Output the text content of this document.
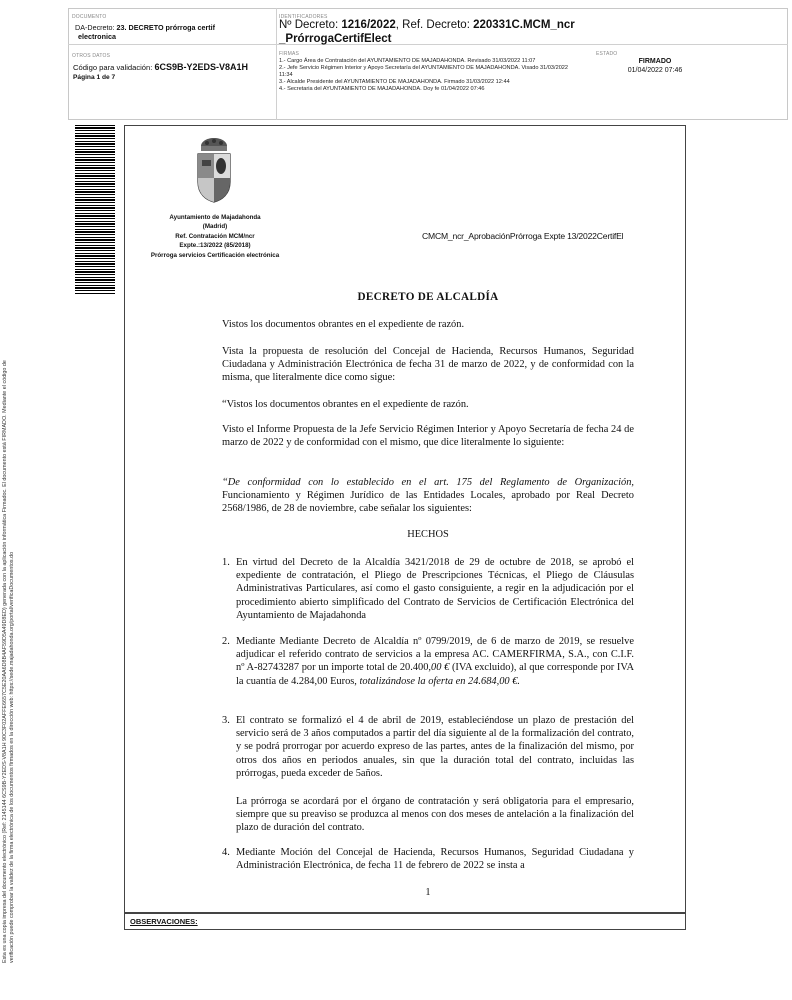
DOCUMENTO
DA-Decreto: 23. DECRETO prórroga certif
electronica
IDENTIFICADORES
Nº Decreto: 1216/2022, Ref. Decreto: 220331C.MCM_ncr
_PrórrogaCertifElect
OTROS DATOS
Código para validación: 6CS9B-Y2EDS-V8A1H
Página 1 de 7
FIRMAS
1.- Cargo Área de Contratación del AYUNTAMIENTO DE MAJADAHONDA. Revisado 31/03/2022 11:07
2.- Jefe Servicio Régimen Interior y Apoyo Secretaría del AYUNTAMIENTO DE MAJADAHONDA. Visado 31/03/2022
11:34
3.- Alcalde Presidente del AYUNTAMIENTO DE MAJADAHONDA. Firmado 31/03/2022 12:44
4.- Secretaria del AYUNTAMIENTO DE MAJADAHONDA. Doy fe 01/04/2022 07:46
ESTADO
FIRMADO
01/04/2022 07:46
Esta es una copia impresa del documento electrónico (Ref: 2145144 6CS9B-Y2EDS-V8A1H 90C3F02AFFE6657C5E20AA6D8B4AF59D5A49D8ED) generada con la aplicación informática Firmadoc. El documento está FIRMADO. Mediante el código de verificación puede comprobar la validez de la firma electrónica de los documentos firmados en la dirección web: https://sede.majadahonda.org/portal/verificaDocumentos.do
Ayuntamiento de Majadahonda
(Madrid)
Ref. Contratación MCM/ncr
Expte.:13/2022 (85/2018)
Prórroga servicios Certificación electrónica
CMCM_ncr_AprobaciónPrórroga Expte 13/2022CertifEl
DECRETO DE ALCALDÍA
Vistos los documentos obrantes en el expediente de razón.
Vista la propuesta de resolución del Concejal de Hacienda, Recursos Humanos, Seguridad Ciudadana y Administración Electrónica de fecha 31 de marzo de 2022, y de conformidad con la misma, que literalmente dice como sigue:
“Vistos los documentos obrantes en el expediente de razón.
Visto el Informe Propuesta de la Jefe Servicio Régimen Interior y Apoyo Secretaría de fecha 24 de marzo de 2022 y de conformidad con el mismo, que dice literalmente lo siguiente:
“De conformidad con lo establecido en el art. 175 del Reglamento de Organización, Funcionamiento y Régimen Jurídico de las Entidades Locales, aprobado por Real Decreto 2568/1986, de 28 de noviembre, cabe señalar los siguientes:
HECHOS
1. En virtud del Decreto de la Alcaldía 3421/2018 de 29 de octubre de 2018, se aprobó el expediente de contratación, el Pliego de Prescripciones Técnicas, el Pliego de Cláusulas Administrativas Particulares, así como el gasto consiguiente, a regir en la adjudicación por el procedimiento abierto simplificado del Contrato de Servicios de Certificación Electrónica del Ayuntamiento de Majadahonda
2. Mediante Mediante Decreto de Alcaldía nº 0799/2019, de 6 de marzo de 2019, se resuelve adjudicar el referido contrato de servicios a la empresa AC. CAMERFIRMA, S.A., con C.I.F. nº A-82743287 por un importe total de 20.400,00 € (IVA excluido), al que corresponde por IVA la cuantía de 4.284,00 Euros, totalizándose la oferta en 24.684,00 €.
3. El contrato se formalizó el 4 de abril de 2019, estableciéndose un plazo de prestación del servicio será de 3 años computados a partir del día siguiente al de la formalización del contrato, y se podrá prorrogar por acuerdo expreso de las partes, antes de la finalización del mismo, por otros dos años en periodos anuales, sin que la duración total del contrato, incluidas las prórrogas, pueda exceder de 5años.
La prórroga se acordará por el órgano de contratación y será obligatoria para el empresario, siempre que su preaviso se produzca al menos con dos meses de antelación a la finalización del plazo de duración del contrato.
4. Mediante Moción del Concejal de Hacienda, Recursos Humanos, Seguridad Ciudadana y Administración Electrónica, de fecha 11 de febrero de 2022 se insta a
1
OBSERVACIONES:
